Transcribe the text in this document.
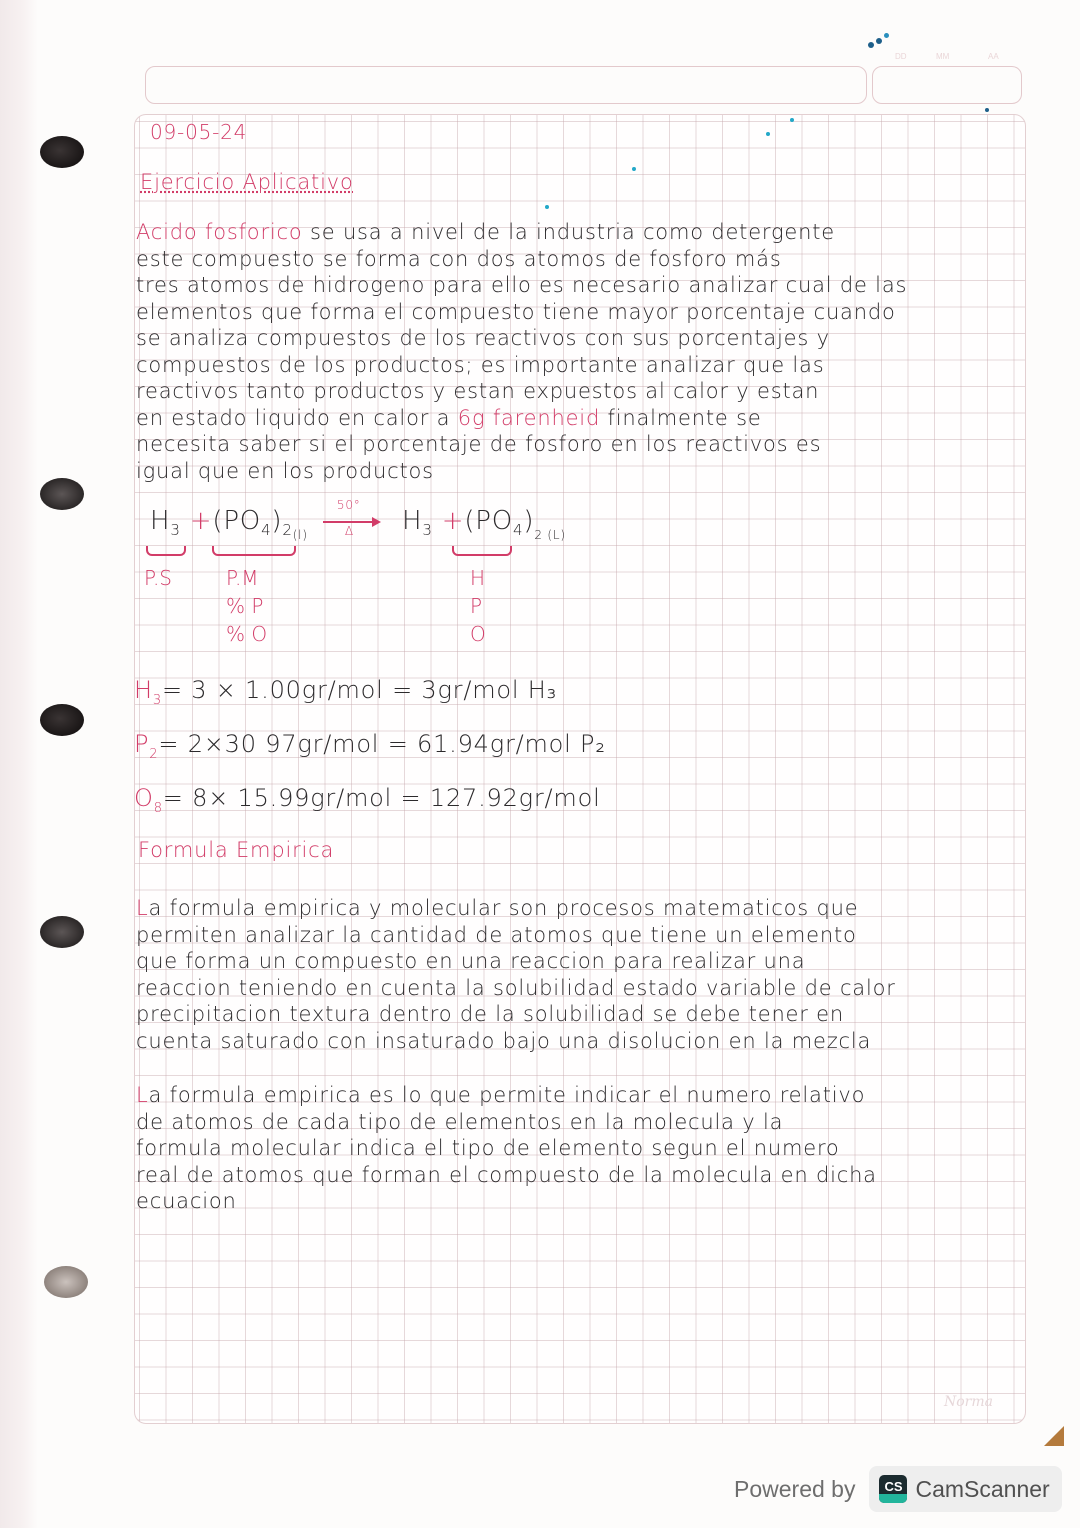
DD	MM	AA
09-05-24
Ejercicio Aplicativo
Acido fosforico se usa a nivel de la industria como detergente
este compuesto se forma con dos atomos de fosforo más
tres atomos de hidrogeno para ello es necesario analizar cual de las
elementos que forma el compuesto tiene mayor porcentaje cuando
se analiza compuestos de los reactivos con sus porcentajes y
compuestos de los productos; es importante analizar que las
reactivos tanto productos y estan expuestos al calor y estan
en estado liquido en calor a 6g farenheid finalmente se
necesita saber si el porcentaje de fosforo en los reactivos es
igual que en los productos
$H_3 +(PO_4)_{2(l)} \frac{50^\circ}{\Delta} H_3 +(PO_4)_{2 (L)}$
P.S	P.M
% P
% O
H
P
O
$H_3= 3 \times 1.00gr/mol = 3gr/mol$ H₃
$P_2= 2\times 30$ 97gr/mol = 61.94gr/mol P₂
$O_8= 8\times 15.99gr/mol = 127.92gr/mol$
Formula Empirica
La formula empirica y molecular son procesos matematicos que
permiten analizar la cantidad de atomos que tiene un elemento
que forma un compuesto en una reaccion para realizar una
reaccion teniendo en cuenta la solubilidad estado variable de calor
precipitacion textura dentro de la solubilidad se debe tener en
cuenta saturado con insaturado bajo una disolucion en la mezcla
La formula empirica es lo que permite indicar el numero relativo
de atomos de cada tipo de elementos en la molecula y la
formula molecular indica el tipo de elemento segun el numero
real de atomos que forman el compuesto de la molecula en dicha
ecuacion
Norma
Powered by CS CamScanner
